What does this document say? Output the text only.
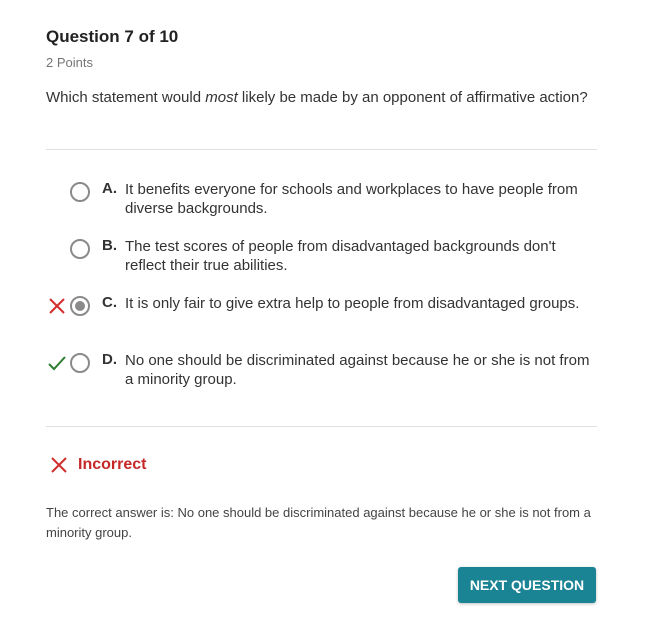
Question 7 of 10
2 Points
Which statement would most likely be made by an opponent of affirmative action?
A. It benefits everyone for schools and workplaces to have people from diverse backgrounds.
B. The test scores of people from disadvantaged backgrounds don't reflect their true abilities.
C. It is only fair to give extra help to people from disadvantaged groups.
D. No one should be discriminated against because he or she is not from a minority group.
Incorrect
The correct answer is: No one should be discriminated against because he or she is not from a minority group.
NEXT QUESTION
